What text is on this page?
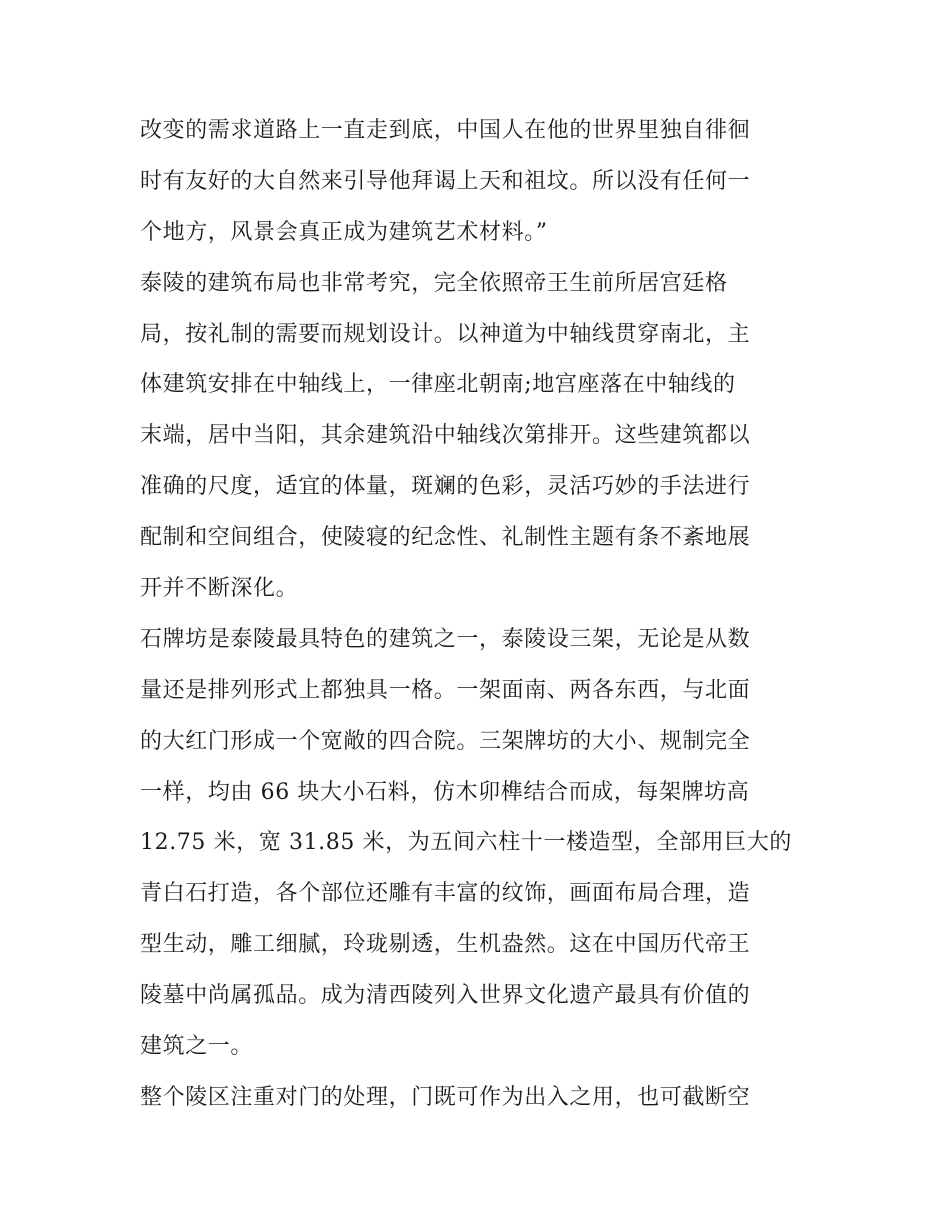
改变的需求道路上一直走到底，中国人在他的世界里独自徘徊
时有友好的大自然来引导他拜谒上天和祖坟。所以没有任何一
个地方，风景会真正成为建筑艺术材料。”
泰陵的建筑布局也非常考究，完全依照帝王生前所居宫廷格
局，按礼制的需要而规划设计。以神道为中轴线贯穿南北，主
体建筑安排在中轴线上，一律座北朝南;地宫座落在中轴线的
末端，居中当阳，其余建筑沿中轴线次第排开。这些建筑都以
准确的尺度，适宜的体量，斑斓的色彩，灵活巧妙的手法进行
配制和空间组合，使陵寝的纪念性、礼制性主题有条不紊地展
开并不断深化。
石牌坊是泰陵最具特色的建筑之一，泰陵设三架，无论是从数
量还是排列形式上都独具一格。一架面南、两各东西，与北面
的大红门形成一个宽敞的四合院。三架牌坊的大小、规制完全
一样，均由 66 块大小石料，仿木卯榫结合而成，每架牌坊高
12.75 米，宽 31.85 米，为五间六柱十一楼造型，全部用巨大的
青白石打造，各个部位还雕有丰富的纹饰，画面布局合理，造
型生动，雕工细腻，玲珑剔透，生机盎然。这在中国历代帝王
陵墓中尚属孤品。成为清西陵列入世界文化遗产最具有价值的
建筑之一。
整个陵区注重对门的处理，门既可作为出入之用，也可截断空
